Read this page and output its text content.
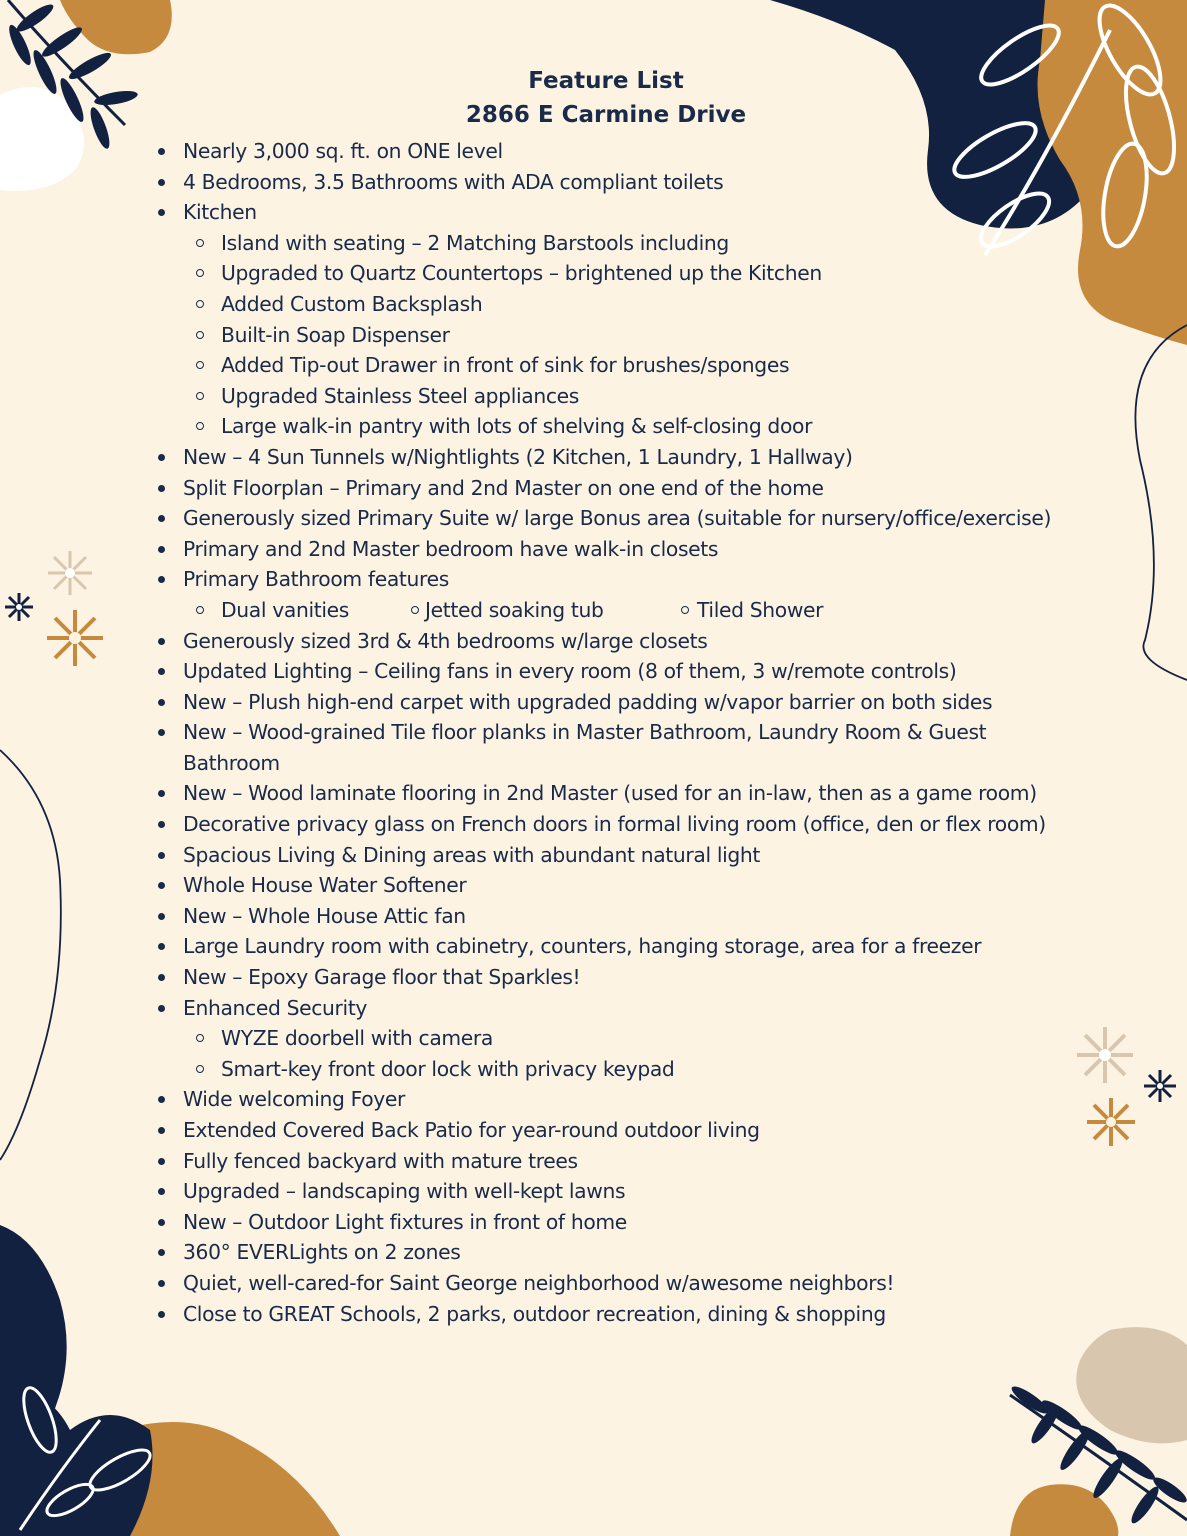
Feature List
2866 E Carmine Drive
Nearly 3,000 sq. ft. on ONE level
4 Bedrooms, 3.5 Bathrooms with ADA compliant toilets
Kitchen
Island with seating – 2 Matching Barstools including
Upgraded to Quartz Countertops – brightened up the Kitchen
Added Custom Backsplash
Built-in Soap Dispenser
Added Tip-out Drawer in front of sink for brushes/sponges
Upgraded Stainless Steel appliances
Large walk-in pantry with lots of shelving & self-closing door
New – 4 Sun Tunnels w/Nightlights (2 Kitchen, 1 Laundry, 1 Hallway)
Split Floorplan – Primary and 2nd Master on one end of the home
Generously sized Primary Suite w/ large Bonus area (suitable for nursery/office/exercise)
Primary and 2nd Master bedroom have walk-in closets
Primary Bathroom features
Dual vanities	Jetted soaking tub	Tiled Shower
Generously sized 3rd & 4th bedrooms w/large closets
Updated Lighting – Ceiling fans in every room (8 of them, 3 w/remote controls)
New – Plush high-end carpet with upgraded padding w/vapor barrier on both sides
New – Wood-grained Tile floor planks in Master Bathroom, Laundry Room & Guest Bathroom
New – Wood laminate flooring in 2nd Master (used for an in-law, then as a game room)
Decorative privacy glass on French doors in formal living room (office, den or flex room)
Spacious Living & Dining areas with abundant natural light
Whole House Water Softener
New – Whole House Attic fan
Large Laundry room with cabinetry, counters, hanging storage, area for a freezer
New – Epoxy Garage floor that Sparkles!
Enhanced Security
WYZE doorbell with camera
Smart-key front door lock with privacy keypad
Wide welcoming Foyer
Extended Covered Back Patio for year-round outdoor living
Fully fenced backyard with mature trees
Upgraded – landscaping with well-kept lawns
New – Outdoor Light fixtures in front of home
360° EVERLights on 2 zones
Quiet, well-cared-for Saint George neighborhood w/awesome neighbors!
Close to GREAT Schools, 2 parks, outdoor recreation, dining & shopping
